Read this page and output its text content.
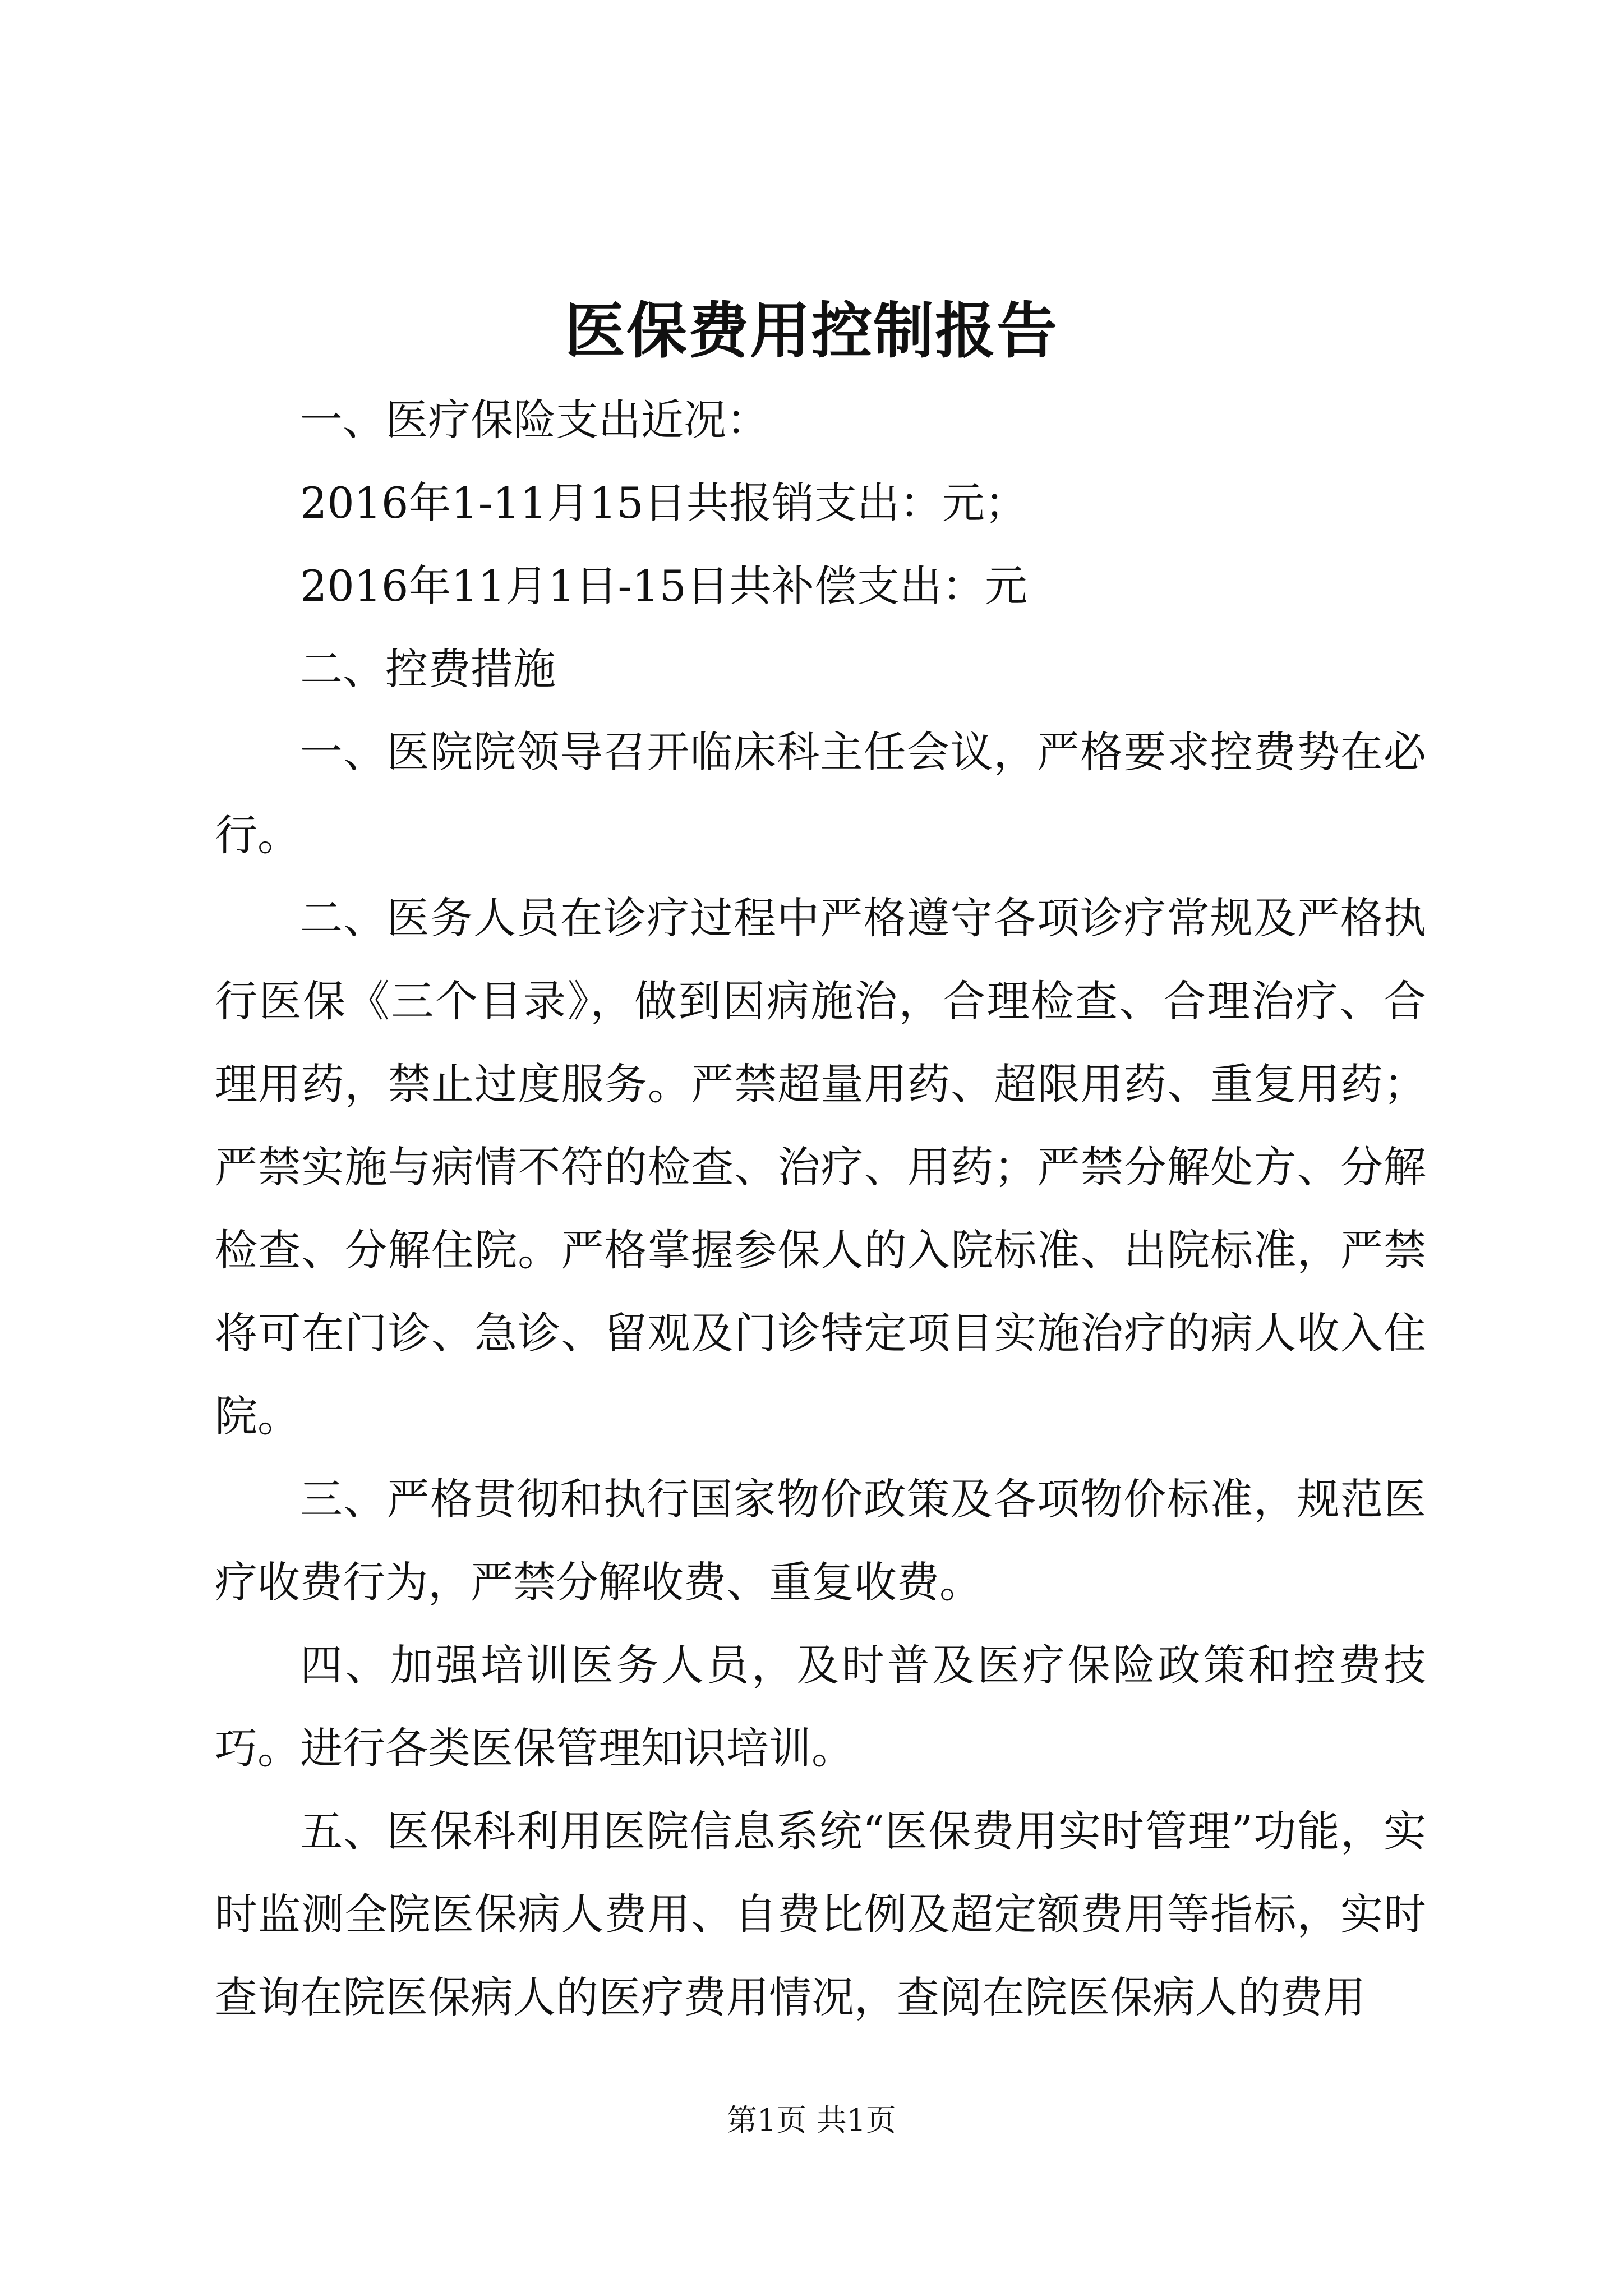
医保费用控制报告

一、医疗保险支出近况：

2016年1-11月15日共报销支出：元；

2016年11月1日-15日共补偿支出：元

二、控费措施

一、医院院领导召开临床科主任会议，严格要求控费势在必行。

二、医务人员在诊疗过程中严格遵守各项诊疗常规及严格执行医保《三个目录》，做到因病施治，合理检查、合理治疗、合理用药，禁止过度服务。严禁超量用药、超限用药、重复用药；严禁实施与病情不符的检查、治疗、用药；严禁分解处方、分解检查、分解住院。严格掌握参保人的入院标准、出院标准，严禁将可在门诊、急诊、留观及门诊特定项目实施治疗的病人收入住院。

三、严格贯彻和执行国家物价政策及各项物价标准，规范医疗收费行为，严禁分解收费、重复收费。

四、加强培训医务人员，及时普及医疗保险政策和控费技巧。进行各类医保管理知识培训。

五、医保科利用医院信息系统“医保费用实时管理”功能，实时监测全院医保病人费用、自费比例及超定额费用等指标，实时查询在院医保病人的医疗费用情况，查阅在院医保病人的费用

第1页 共1页
